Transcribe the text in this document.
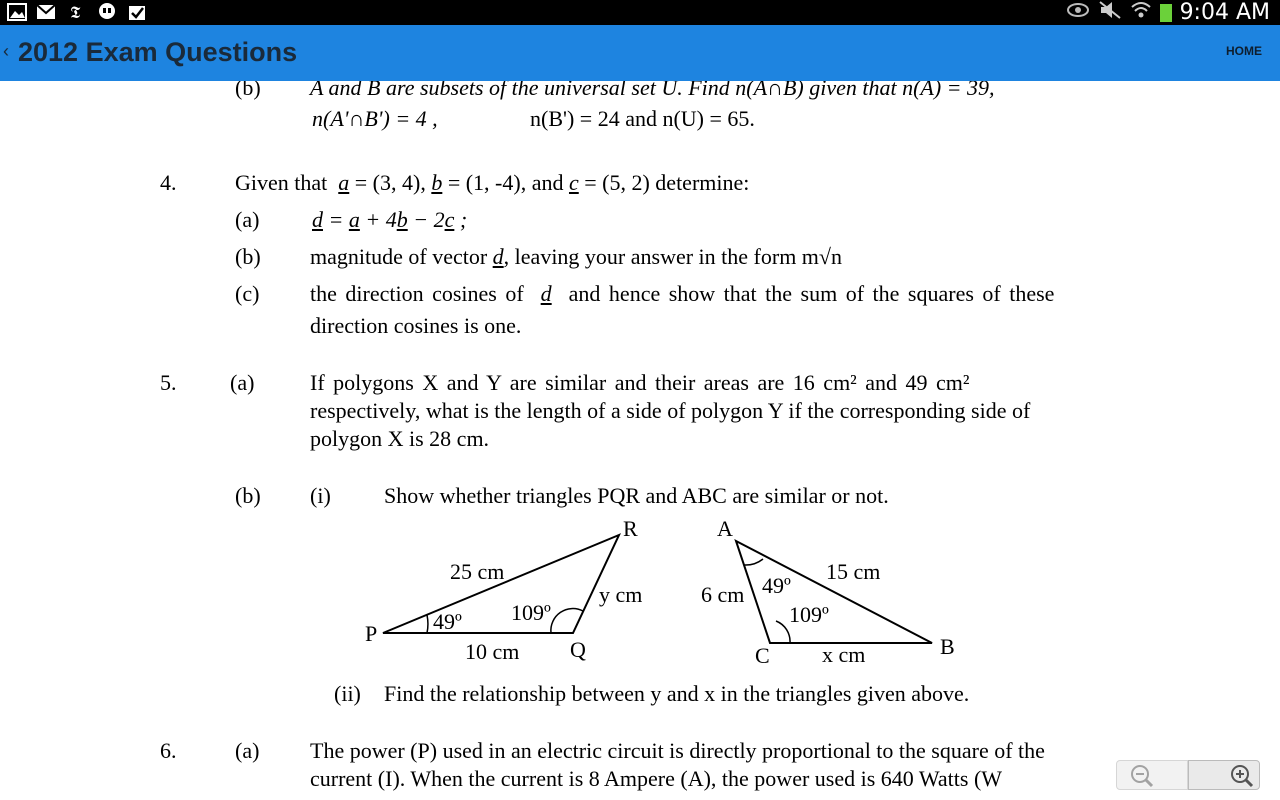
𝕿	9:04 AM
‹ 2012 Exam Questions	HOME
(b) A and B are subsets of the universal set U. Find n(A∩B) given that n(A) = 39,
n(A'∩B') = 4 ,	n(B') = 24 and n(U) = 65.
4.	Given that a = (3, 4), b = (1, -4), and c = (5, 2) determine:
(a) d = a + 4b − 2c ;
(b) magnitude of vector d, leaving your answer in the form m√n
(c) the direction cosines of d and hence show that the sum of the squares of these
direction cosines is one.
5. (a)	If polygons X and Y are similar and their areas are 16 cm² and 49 cm²
respectively, what is the length of a side of polygon Y if the corresponding side of
polygon X is 28 cm.
(b) (i) Show whether triangles PQR and ABC are similar or not.
R
P
Q
25 cm
y cm
10 cm
49º 109º
A
B
C
15 cm
6 cm
x cm
49º
109º
(ii) Find the relationship between y and x in the triangles given above.
6.	(a) The power (P) used in an electric circuit is directly proportional to the square of the
current (I). When the current is 8 Ampere (A), the power used is 640 Watts (W
